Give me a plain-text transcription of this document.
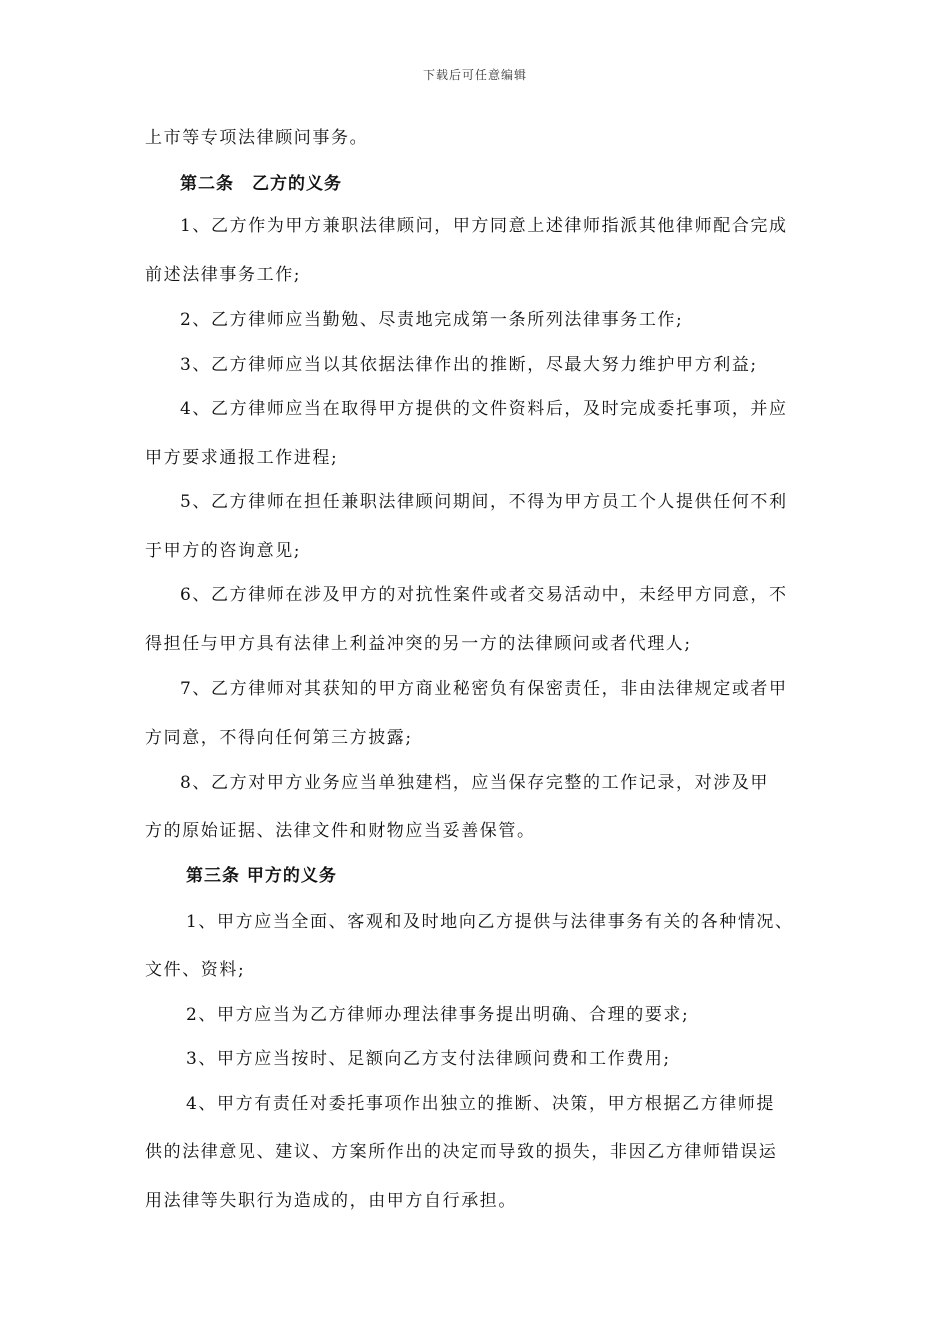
下载后可任意编辑
上市等专项法律顾问事务。
第二条　乙方的义务
1、乙方作为甲方兼职法律顾问，甲方同意上述律师指派其他律师配合完成
前述法律事务工作;
2、乙方律师应当勤勉、尽责地完成第一条所列法律事务工作;
3、乙方律师应当以其依据法律作出的推断，尽最大努力维护甲方利益;
4、乙方律师应当在取得甲方提供的文件资料后，及时完成委托事项，并应
甲方要求通报工作进程;
5、乙方律师在担任兼职法律顾问期间，不得为甲方员工个人提供任何不利
于甲方的咨询意见;
6、乙方律师在涉及甲方的对抗性案件或者交易活动中，未经甲方同意，不
得担任与甲方具有法律上利益冲突的另一方的法律顾问或者代理人;
7、乙方律师对其获知的甲方商业秘密负有保密责任，非由法律规定或者甲
方同意，不得向任何第三方披露;
8、乙方对甲方业务应当单独建档，应当保存完整的工作记录，对涉及甲
方的原始证据、法律文件和财物应当妥善保管。
第三条 甲方的义务
1、甲方应当全面、客观和及时地向乙方提供与法律事务有关的各种情况、
文件、资料;
2、甲方应当为乙方律师办理法律事务提出明确、合理的要求;
3、甲方应当按时、足额向乙方支付法律顾问费和工作费用;
4、甲方有责任对委托事项作出独立的推断、决策，甲方根据乙方律师提
供的法律意见、建议、方案所作出的决定而导致的损失，非因乙方律师错误运
用法律等失职行为造成的，由甲方自行承担。
